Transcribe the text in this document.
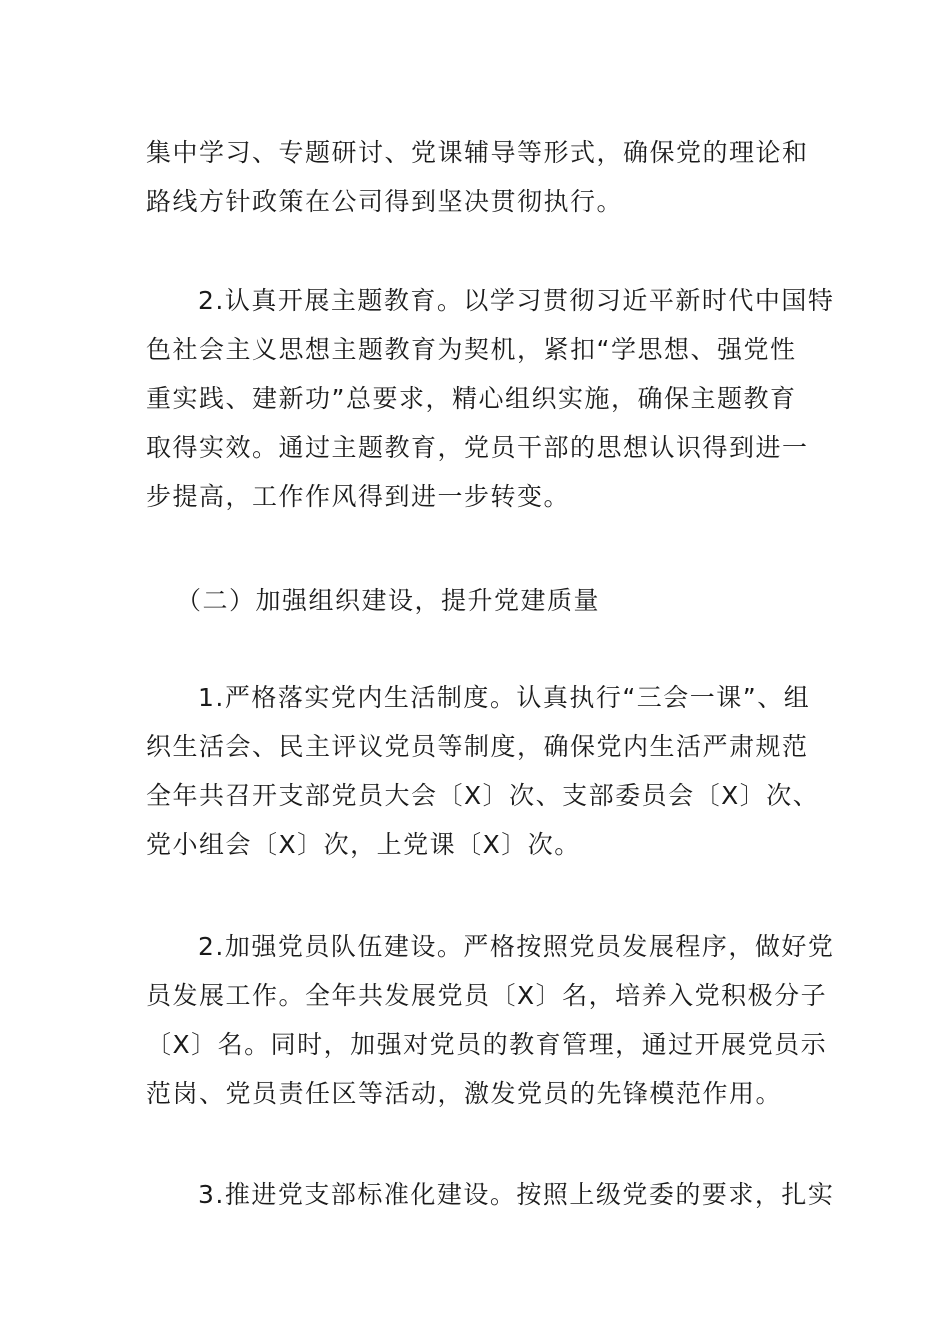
集中学习、专题研讨、党课辅导等形式，确保党的理论和
路线方针政策在公司得到坚决贯彻执行。
2.认真开展主题教育。以学习贯彻习近平新时代中国特
色社会主义思想主题教育为契机，紧扣“学思想、强党性
重实践、建新功”总要求，精心组织实施，确保主题教育
取得实效。通过主题教育，党员干部的思想认识得到进一
步提高，工作作风得到进一步转变。
（二）加强组织建设，提升党建质量
1.严格落实党内生活制度。认真执行“三会一课”、组
织生活会、民主评议党员等制度，确保党内生活严肃规范
全年共召开支部党员大会〔X〕次、支部委员会〔X〕次、
党小组会〔X〕次，上党课〔X〕次。
2.加强党员队伍建设。严格按照党员发展程序，做好党
员发展工作。全年共发展党员〔X〕名，培养入党积极分子
〔X〕名。同时，加强对党员的教育管理，通过开展党员示
范岗、党员责任区等活动，激发党员的先锋模范作用。
3.推进党支部标准化建设。按照上级党委的要求，扎实
